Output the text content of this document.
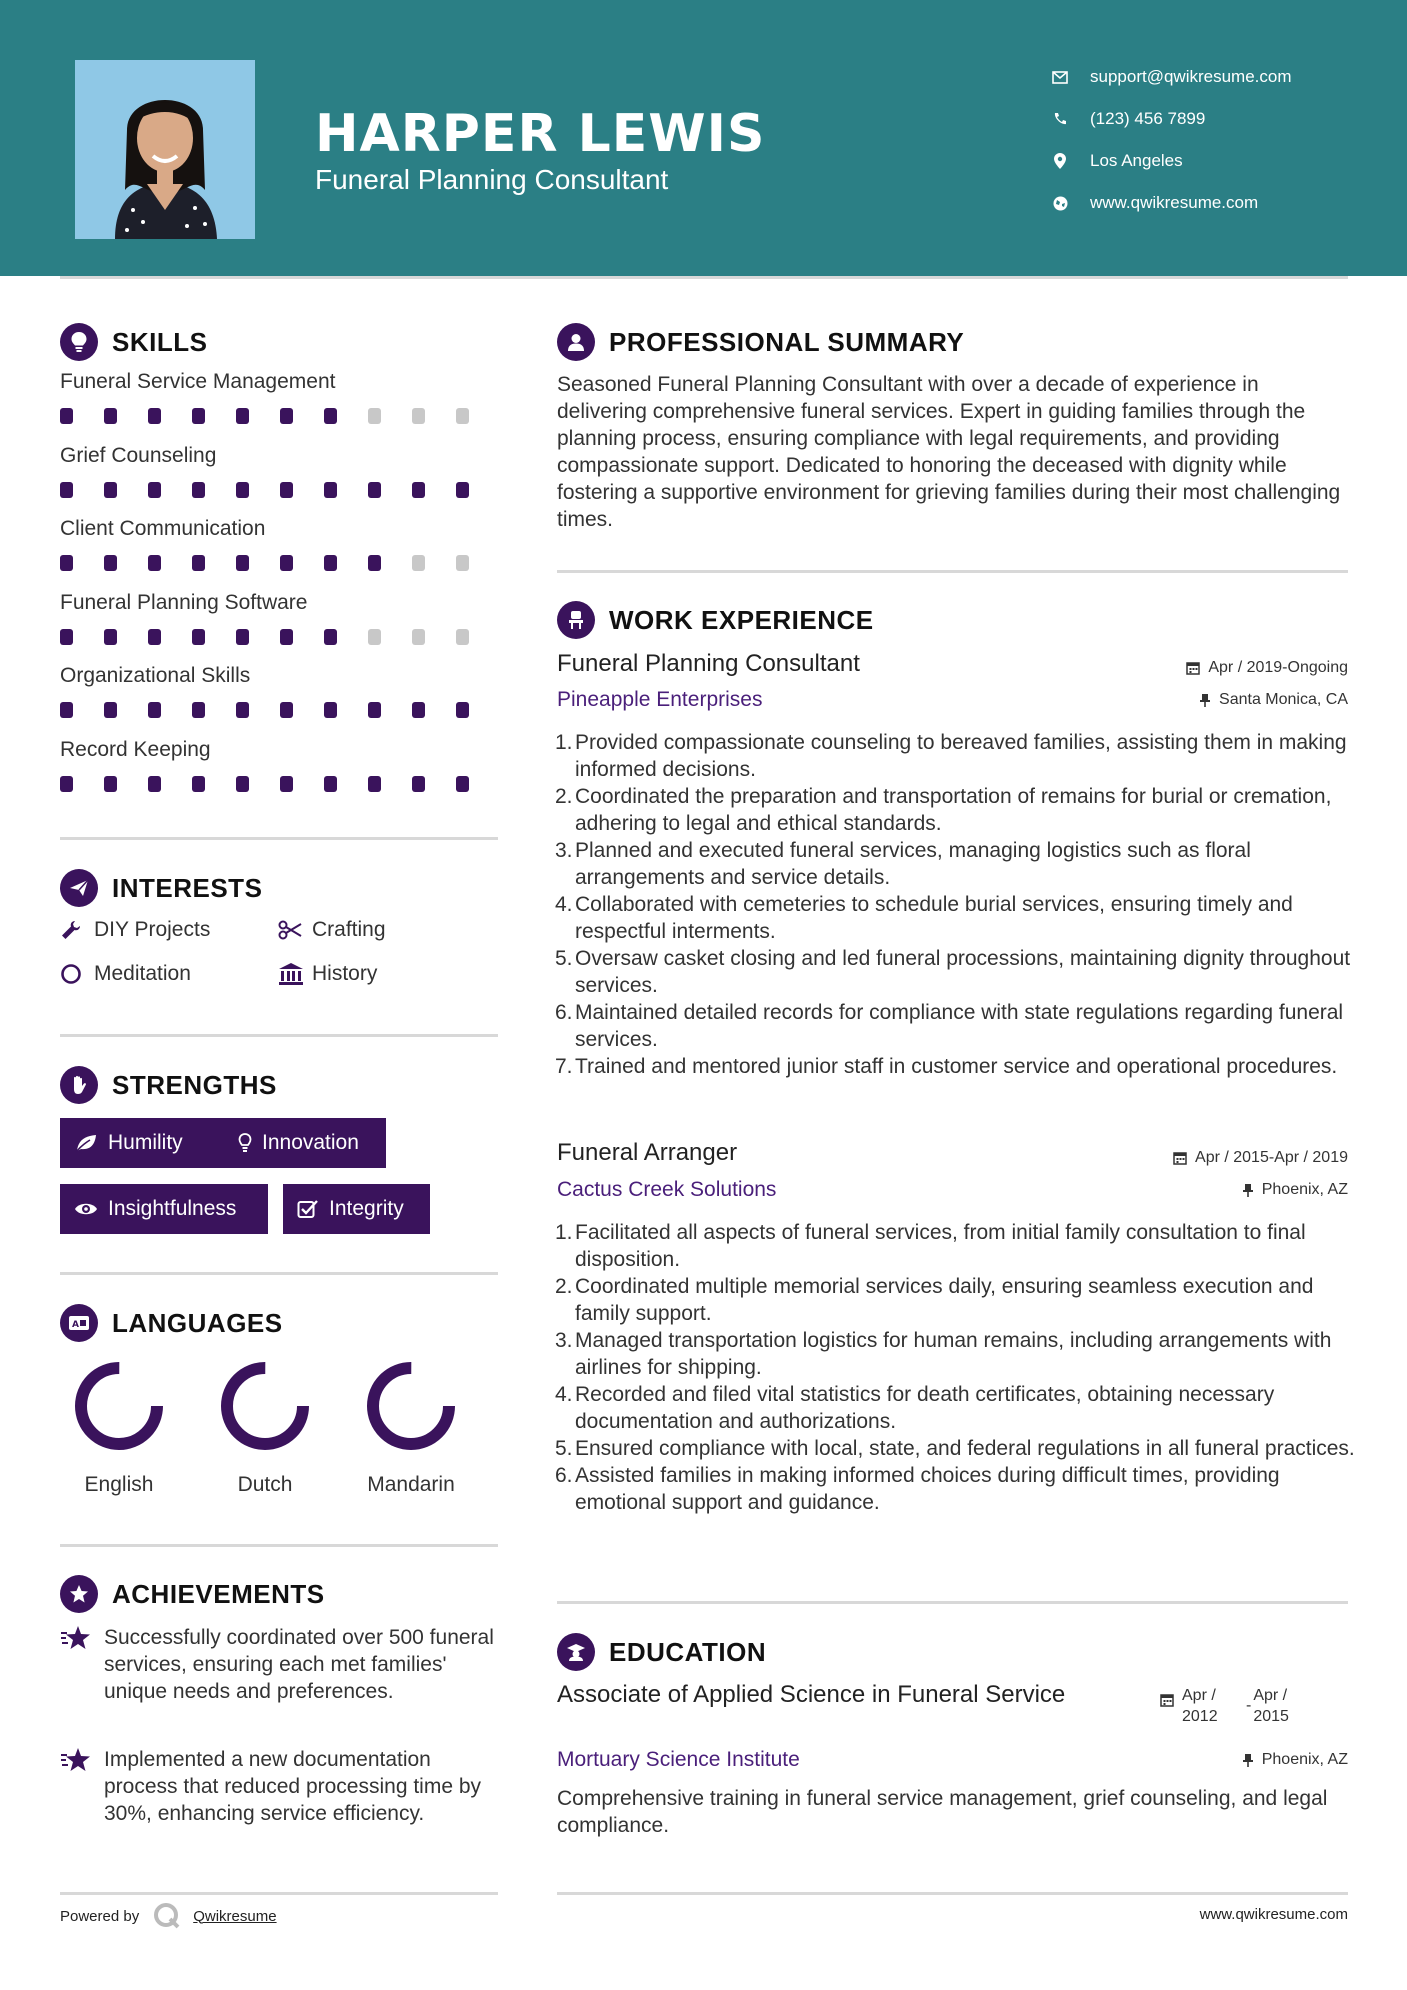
HARPER LEWIS

Funeral Planning Consultant

support@qwikresume.com
(123) 456 7899
Los Angeles
www.qwikresume.com
SKILLS
Funeral Service Management
Grief Counseling
Client Communication
Funeral Planning Software
Organizational Skills
Record Keeping
INTERESTS
DIY Projects	Crafting
Meditation	History
STRENGTHS
Humility	Innovation
Insightfulness	Integrity
A LANGUAGES
English	Dutch	Mandarin
ACHIEVEMENTS
Successfully coordinated over 500 funeral services, ensuring each met families' unique needs and preferences.
Implemented a new documentation process that reduced processing time by 30%, enhancing service efficiency.
PROFESSIONAL SUMMARY

Seasoned Funeral Planning Consultant with over a decade of experience in delivering comprehensive funeral services. Expert in guiding families through the planning process, ensuring compliance with legal requirements, and providing compassionate support. Dedicated to honoring the deceased with dignity while fostering a supportive environment for grieving families during their most challenging times.

WORK EXPERIENCE

Funeral Planning Consultant	Apr / 2019-Ongoing

Pineapple Enterprises	Santa Monica, CA
1. Provided compassionate counseling to bereaved families, assisting them in making informed decisions.
2. Coordinated the preparation and transportation of remains for burial or cremation, adhering to legal and ethical standards.
3. Planned and executed funeral services, managing logistics such as floral arrangements and service details.
4. Collaborated with cemeteries to schedule burial services, ensuring timely and respectful interments.
5. Oversaw casket closing and led funeral processions, maintaining dignity throughout services.
6. Maintained detailed records for compliance with state regulations regarding funeral services.
7. Trained and mentored junior staff in customer service and operational procedures.

Funeral Arranger	Apr / 2015-Apr / 2019

Cactus Creek Solutions	Phoenix, AZ
1. Facilitated all aspects of funeral services, from initial family consultation to final disposition.
2. Coordinated multiple memorial services daily, ensuring seamless execution and family support.
3. Managed transportation logistics for human remains, including arrangements with airlines for shipping.
4. Recorded and filed vital statistics for death certificates, obtaining necessary documentation and authorizations.
5. Ensured compliance with local, state, and federal regulations in all funeral practices.
6. Assisted families in making informed choices during difficult times, providing emotional support and guidance.
EDUCATION

Associate of Applied Science in Funeral Service	Apr / 2012
-
Apr / 2015

Mortuary Science Institute	Phoenix, AZ

Comprehensive training in funeral service management, grief counseling, and legal compliance.

Powered by	Qwikresume	www.qwikresume.com
